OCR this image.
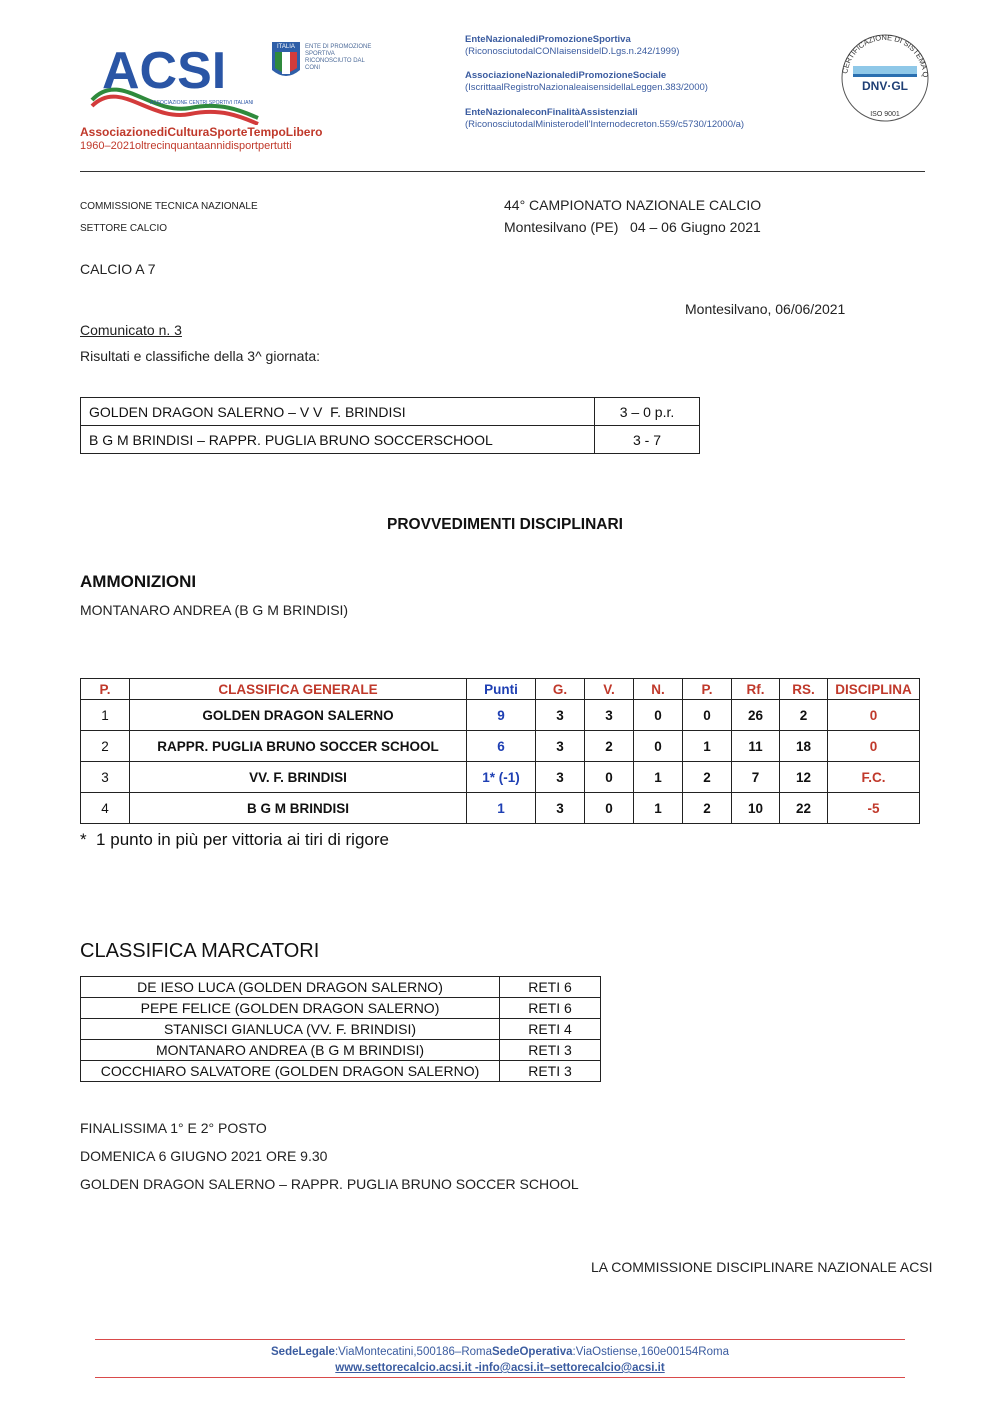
ACSI
ASSOCIAZIONE CENTRI SPORTIVI ITALIANI
ITALIA	ENTE DI PROMOZIONE SPORTIVA RICONOSCIUTO DAL CONI
AssociazionediCulturaSporteTempoLibero
1960–2021oltrecinquantaannidisportpertutti
EnteNazionalediPromozioneSportiva
(RiconosciutodalCONIaisensidelD.Lgs.n.242/1999)
AssociazioneNazionalediPromozioneSociale
(IscrittaalRegistroNazionaleaisensidellaLeggen.383/2000)
EnteNazionaleconFinalitàAssistenziali
(RiconosciutodalMinisterodell'Internodecreton.559/c5730/12000/a)
CERTIFICAZIONE DI SISTEMA Q
DNV·GL
ISO 9001
COMMISSIONE TECNICA NAZIONALE
SETTORE CALCIO
44° CAMPIONATO NAZIONALE CALCIO
Montesilvano (PE)   04 – 06 Giugno 2021
CALCIO A 7
Montesilvano, 06/06/2021
Comunicato n. 3
Risultati e classifiche della 3^ giornata:
GOLDEN DRAGON SALERNO – V V  F. BRINDISI	3 – 0 p.r.
B G M BRINDISI – RAPPR. PUGLIA BRUNO SOCCERSCHOOL	3 - 7
PROVVEDIMENTI DISCIPLINARI
AMMONIZIONI
MONTANARO ANDREA (B G M BRINDISI)
P.	CLASSIFICA GENERALE	Punti	G.	V.	N.	P.	Rf.	RS.	DISCIPLINA
1	GOLDEN DRAGON SALERNO	9	3	3	0	0	26	2	0
2	RAPPR. PUGLIA BRUNO SOCCER SCHOOL	6	3	2	0	1	11	18	0
3	VV. F. BRINDISI	1* (-1)	3	0	1	2	7	12	F.C.
4	B G M BRINDISI	1	3	0	1	2	10	22	-5
*  1 punto in più per vittoria ai tiri di rigore
CLASSIFICA MARCATORI
DE IESO LUCA (GOLDEN DRAGON SALERNO)	RETI 6
PEPE FELICE (GOLDEN DRAGON SALERNO)	RETI 6
STANISCI GIANLUCA (VV. F. BRINDISI)	RETI 4
MONTANARO ANDREA (B G M BRINDISI)	RETI 3
COCCHIARO SALVATORE (GOLDEN DRAGON SALERNO)	RETI 3
FINALISSIMA 1° E 2° POSTO
DOMENICA 6 GIUGNO 2021 ORE 9.30
GOLDEN DRAGON SALERNO – RAPPR. PUGLIA BRUNO SOCCER SCHOOL
LA COMMISSIONE DISCIPLINARE NAZIONALE ACSI
SedeLegale:ViaMontecatini,500186–RomaSedeOperativa:ViaOstiense,160e00154Roma
www.settorecalcio.acsi.it -info@acsi.it–settorecalcio@acsi.it
